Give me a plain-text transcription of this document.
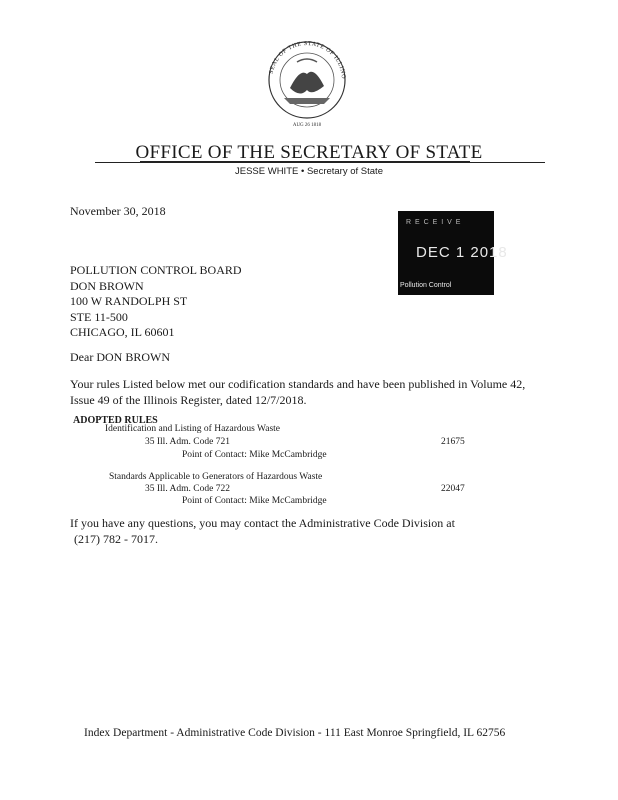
AUG 26 1818
SEAL OF THE STATE OF ILLINO
OFFICE OF THE SECRETARY OF STATE
JESSE WHITE • Secretary of State
November 30, 2018
R E C E I V E
DEC 1 2018
Pollution Control
POLLUTION CONTROL BOARD
DON BROWN
100 W RANDOLPH ST
STE 11-500
CHICAGO, IL 60601
Dear DON BROWN
Your rules Listed below met our codification standards and have been published in Volume 42,
Issue 49 of the Illinois Register, dated 12/7/2018.
ADOPTED RULES
Identification and Listing of Hazardous Waste
35 Ill. Adm. Code 721	21675
Point of Contact: Mike McCambridge
Standards Applicable to Generators of Hazardous Waste
35 Ill. Adm. Code 722	22047
Point of Contact: Mike McCambridge
If you have any questions, you may contact the Administrative Code Division at
(217) 782 - 7017.
Index Department - Administrative Code Division - 111 East Monroe Springfield, IL 62756
